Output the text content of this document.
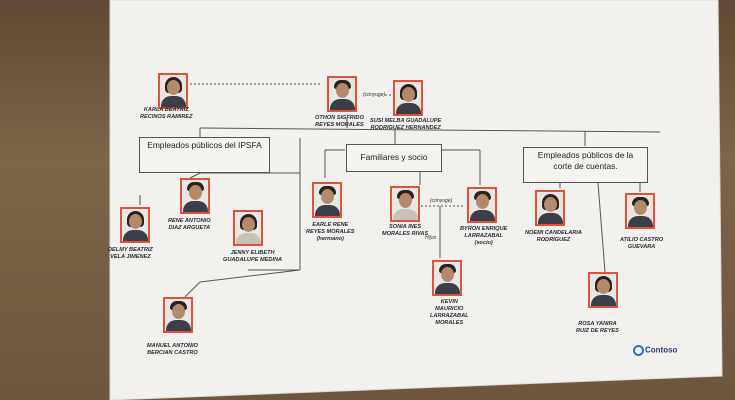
KARLA BEATRIZ
RECINOS RAMIREZ	OTHON SIGFRIDO
REYES MORALES
(cónyuge)
SUSI MELBA GUADALUPE
RODRIGUEZ HERNANDEZ
Empleados públicos del IPSFA
Familiares y socio	Empleados públicos de la corte de cuentas.
RENE ANTONIO
DIAZ ARGUETA
DELMY BEATRIZ
VELA JIMENEZ
JENNY ELIBETH
GUADALUPE MEDINA
MANUEL ANTONIO
BERCIAN CASTRO
EARLE RENE
REYES MORALES
(hermano)
SONIA INES
MORALES RIVAS
(cónyuge)
BYRON ENRIQUE
LARRAZABAL
(socio)
Hijos
KEVIN
MAURICIO
LARRAZABAL
MORALES
NOEMI CANDELARIA
RODRIGUEZ	ATILIO CASTRO
GUEVARA
ROSA YANIRA
RUIZ DE REYES
Contoso
